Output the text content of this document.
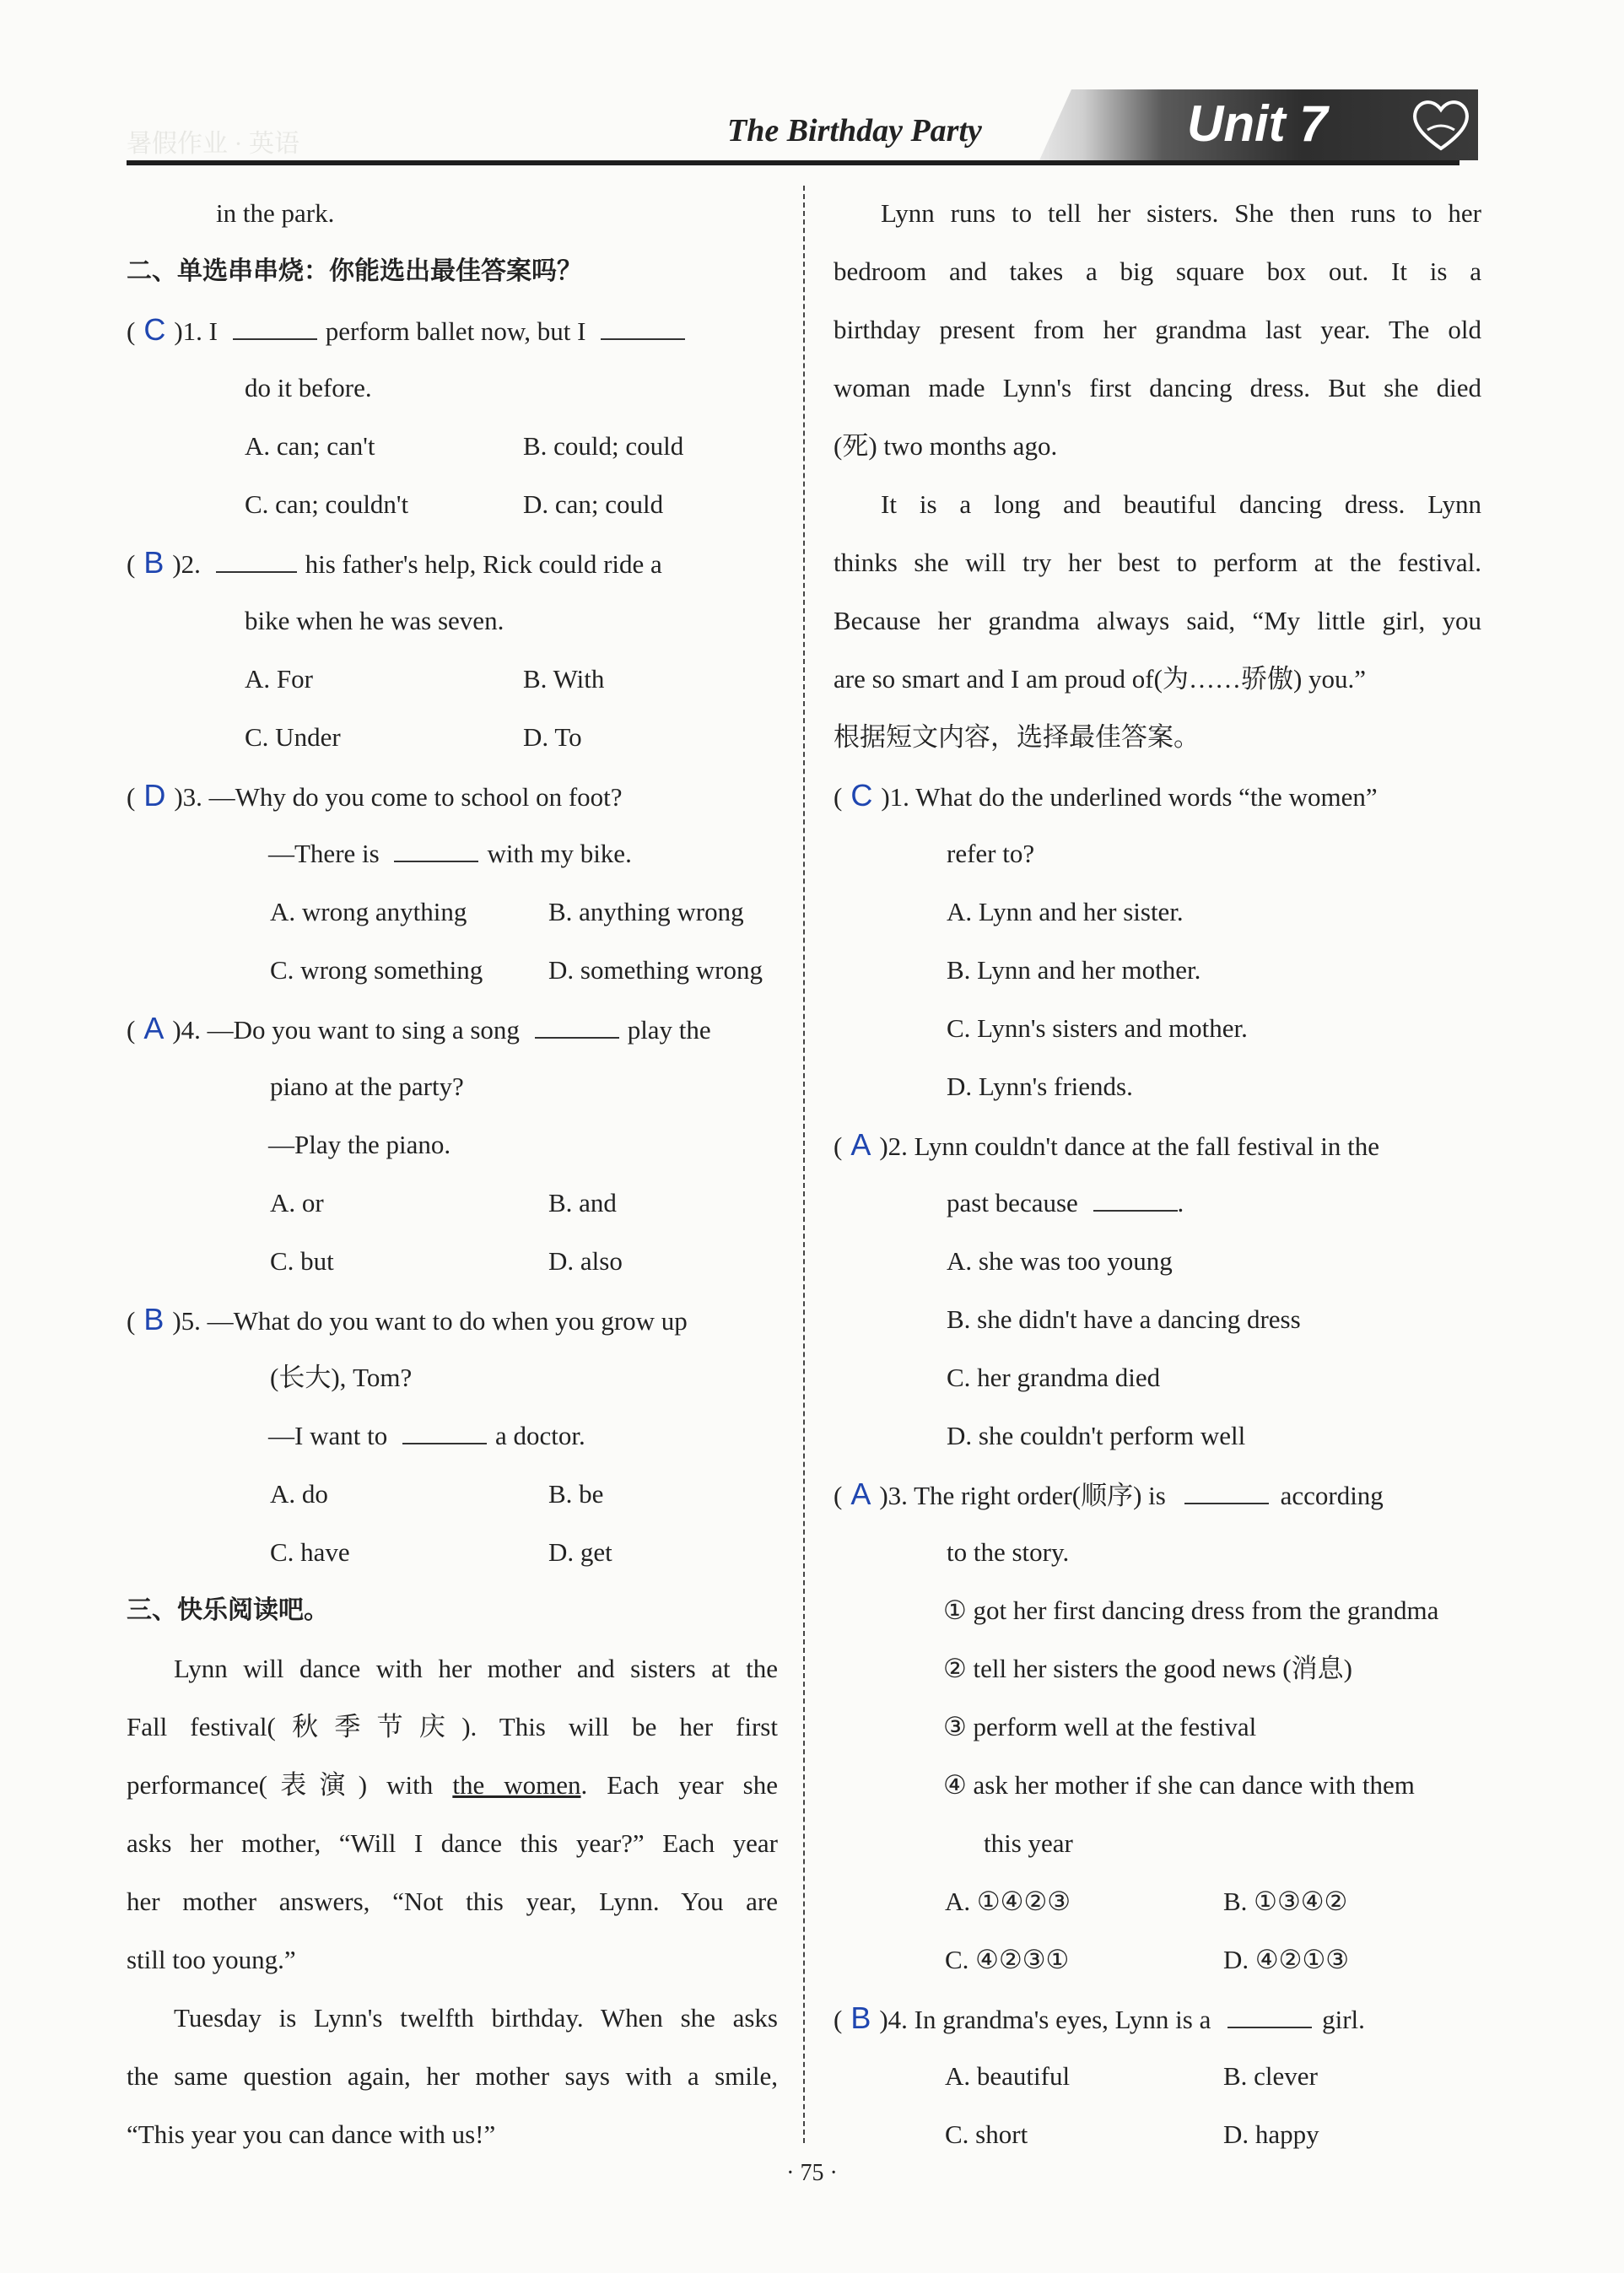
暑假作业 · 英语	The Birthday Party	Unit 7
in the park.
二、单选串串烧：你能选出最佳答案吗？
( C )1. I	perform ballet now, but I
do it before.
A. can; can't	B. could; could
C. can; couldn't	D. can; could
( B )2.	his father's help, Rick could ride a
bike when he was seven.
A. For	B. With
C. Under	D. To
( D )3. —Why do you come to school on foot?
—There is	with my bike.
A. wrong anything	B. anything wrong
C. wrong something	D. something wrong
( A )4. —Do you want to sing a song	play the
piano at the party?
—Play the piano.
A. or	B. and
C. but	D. also
( B )5. —What do you want to do when you grow up
(长大), Tom?
—I want to	a doctor.
A. do	B. be
C. have	D. get
三、快乐阅读吧。
Lynn will dance with her mother and sisters at the
Fall festival(秋季节庆). This will be her first
performance(表演) with the women. Each year she
asks her mother, “Will I dance this year?” Each year
her mother answers, “Not this year, Lynn. You are
still too young.”
Tuesday is Lynn's twelfth birthday. When she asks
the same question again, her mother says with a smile,
“This year you can dance with us!”
Lynn runs to tell her sisters. She then runs to her
bedroom and takes a big square box out. It is a
birthday present from her grandma last year. The old
woman made Lynn's first dancing dress. But she died
(死) two months ago.
It is a long and beautiful dancing dress. Lynn
thinks she will try her best to perform at the festival.
Because her grandma always said, “My little girl, you
are so smart and I am proud of(为……骄傲) you.”
根据短文内容，选择最佳答案。
( C )1. What do the underlined words “the women”
refer to?
A. Lynn and her sister.
B. Lynn and her mother.
C. Lynn's sisters and mother.
D. Lynn's friends.
( A )2. Lynn couldn't dance at the fall festival in the
past because	.
A. she was too young
B. she didn't have a dancing dress
C. her grandma died
D. she couldn't perform well
( A )3. The right order(顺序) is	according
to the story.
① got her first dancing dress from the grandma
② tell her sisters the good news (消息)
③ perform well at the festival
④ ask her mother if she can dance with them
this year
A. ①④②③	B. ①③④②
C. ④②③①	D. ④②①③
( B )4. In grandma's eyes, Lynn is a	girl.
A. beautiful	B. clever
C. short	D. happy
· 75 ·
